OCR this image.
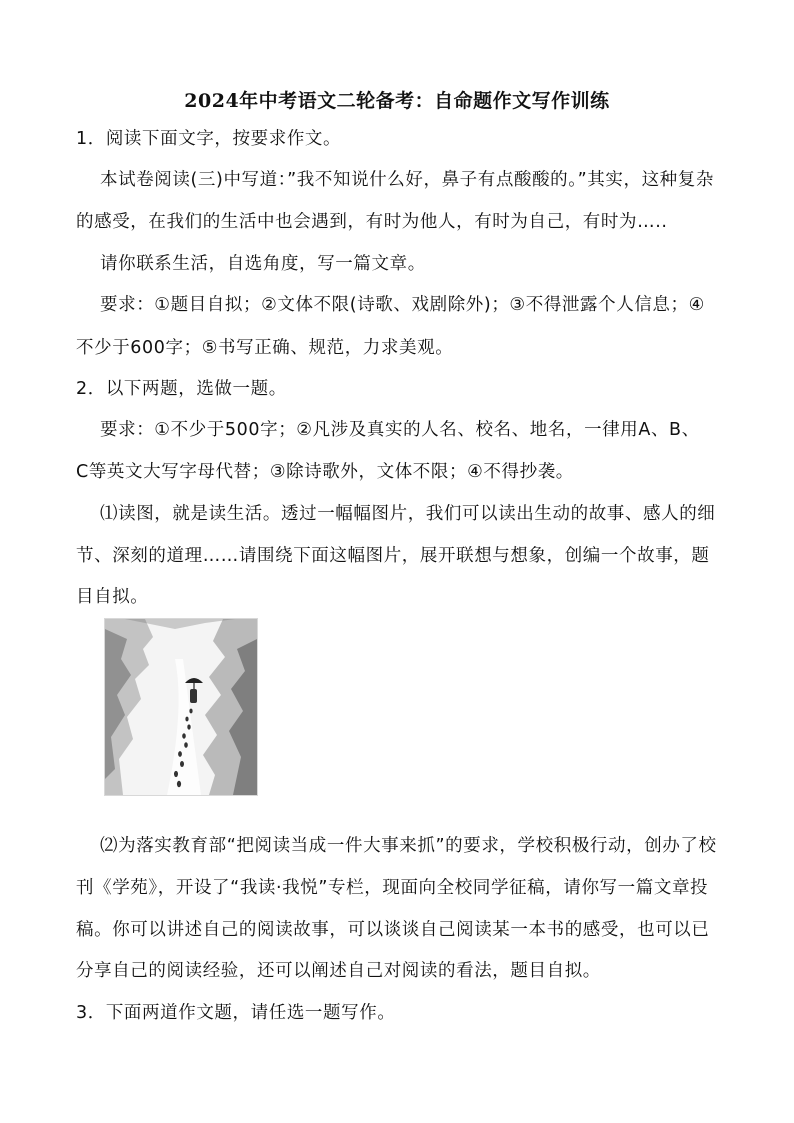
2024年中考语文二轮备考：自命题作文写作训练
1．阅读下面文字，按要求作文。
本试卷阅读(三)中写道：”我不知说什么好，鼻子有点酸酸的。”其实，这种复杂
的感受，在我们的生活中也会遇到，有时为他人，有时为自己，有时为…..
请你联系生活，自选角度，写一篇文章。
要求：①题目自拟；②文体不限(诗歌、戏剧除外)；③不得泄露个人信息；④
不少于600字；⑤书写正确、规范，力求美观。
2．以下两题，选做一题。
要求：①不少于500字；②凡涉及真实的人名、校名、地名，一律用A、B、
C等英文大写字母代替；③除诗歌外，文体不限；④不得抄袭。
⑴读图，就是读生活。透过一幅幅图片，我们可以读出生动的故事、感人的细
节、深刻的道理……请围绕下面这幅图片，展开联想与想象，创编一个故事，题
目自拟。
⑵为落实教育部“把阅读当成一件大事来抓”的要求，学校积极行动，创办了校
刊《学苑》，开设了“我读·我悦”专栏，现面向全校同学征稿，请你写一篇文章投
稿。你可以讲述自己的阅读故事，可以谈谈自己阅读某一本书的感受，也可以已
分享自己的阅读经验，还可以阐述自己对阅读的看法，题目自拟。
3．下面两道作文题，请任选一题写作。
